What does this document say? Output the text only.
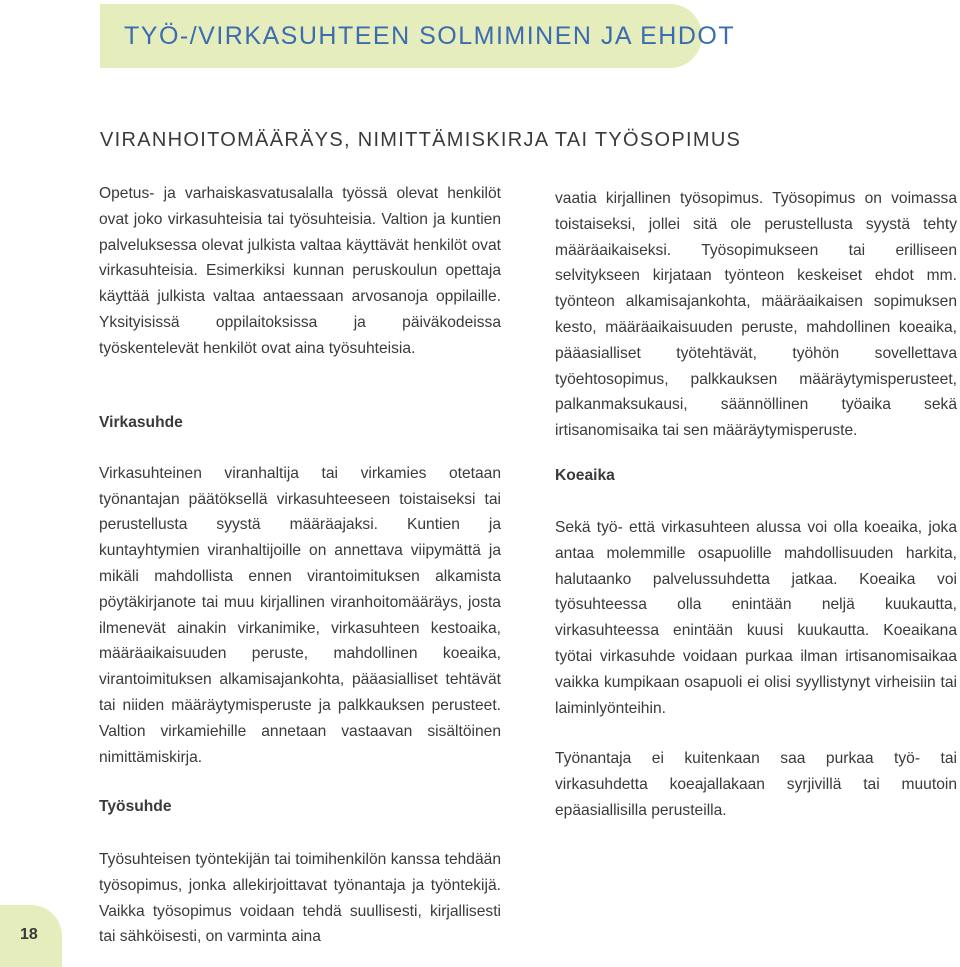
TYÖ-/VIRKASUHTEEN SOLMIMINEN JA EHDOT
VIRANHOITOMÄÄRÄYS, NIMITTÄMISKIRJA TAI TYÖSOPIMUS

Opetus- ja varhaiskasvatusalalla työssä olevat henkilöt ovat joko virkasuhteisia tai työsuhteisia. Valtion ja kuntien palveluksessa olevat julkista valtaa käyttävät henkilöt ovat virkasuhteisia. Esimerkiksi kunnan peruskoulun opettaja käyttää julkista valtaa antaessaan arvosanoja oppilaille. Yksityisissä oppilaitoksissa ja päiväkodeissa työskentelevät henkilöt ovat aina työsuhteisia.

Virkasuhde

Virkasuhteinen viranhaltija tai virkamies otetaan työnantajan päätöksellä virkasuhteeseen toistaiseksi tai perustellusta syystä määräajaksi. Kuntien ja kuntayhtymien viranhaltijoille on annettava viipymättä ja mikäli mahdollista ennen virantoimituksen alkamista pöytäkirjanote tai muu kirjallinen viranhoitomääräys, josta ilmenevät ainakin virkanimike, virkasuhteen kestoaika, määräaikaisuuden peruste, mahdollinen koeaika, virantoimituksen alkamisajankohta, pääasialliset tehtävät tai niiden määräytymisperuste ja palkkauksen perusteet. Valtion virkamiehille annetaan vastaavan sisältöinen nimittämiskirja.

Työsuhde

Työsuhteisen työntekijän tai toimihenkilön kanssa tehdään työsopimus, jonka allekirjoittavat työnantaja ja työntekijä. Vaikka työsopimus voidaan tehdä suullisesti, kirjallisesti tai sähköisesti, on varminta aina

vaatia kirjallinen työsopimus. Työsopimus on voimassa toistaiseksi, jollei sitä ole perustellusta syystä tehty määräaikaiseksi. Työsopimukseen tai erilliseen selvitykseen kirjataan työnteon keskeiset ehdot mm. työnteon alkamisajankohta, määräaikaisen sopimuksen kesto, määräaikaisuuden peruste, mahdollinen koeaika, pääasialliset työtehtävät, työhön sovellettava työehtosopimus, palkkauksen määräytymisperusteet, palkanmaksukausi, säännöllinen työaika sekä irtisanomisaika tai sen määräytymisperuste.

Koeaika

Sekä työ- että virkasuhteen alussa voi olla koeaika, joka antaa molemmille osapuolille mahdollisuuden harkita, halutaanko palvelussuhdetta jatkaa. Koeaika voi työsuhteessa olla enintään neljä kuukautta, virkasuhteessa enintään kuusi kuukautta. Koeaikana työtai virkasuhde voidaan purkaa ilman irtisanomisaikaa vaikka kumpikaan osapuoli ei olisi syyllistynyt virheisiin tai laiminlyönteihin.

Työnantaja ei kuitenkaan saa purkaa työ- tai virkasuhdetta koeajallakaan syrjivillä tai muutoin epäasiallisilla perusteilla.

18
